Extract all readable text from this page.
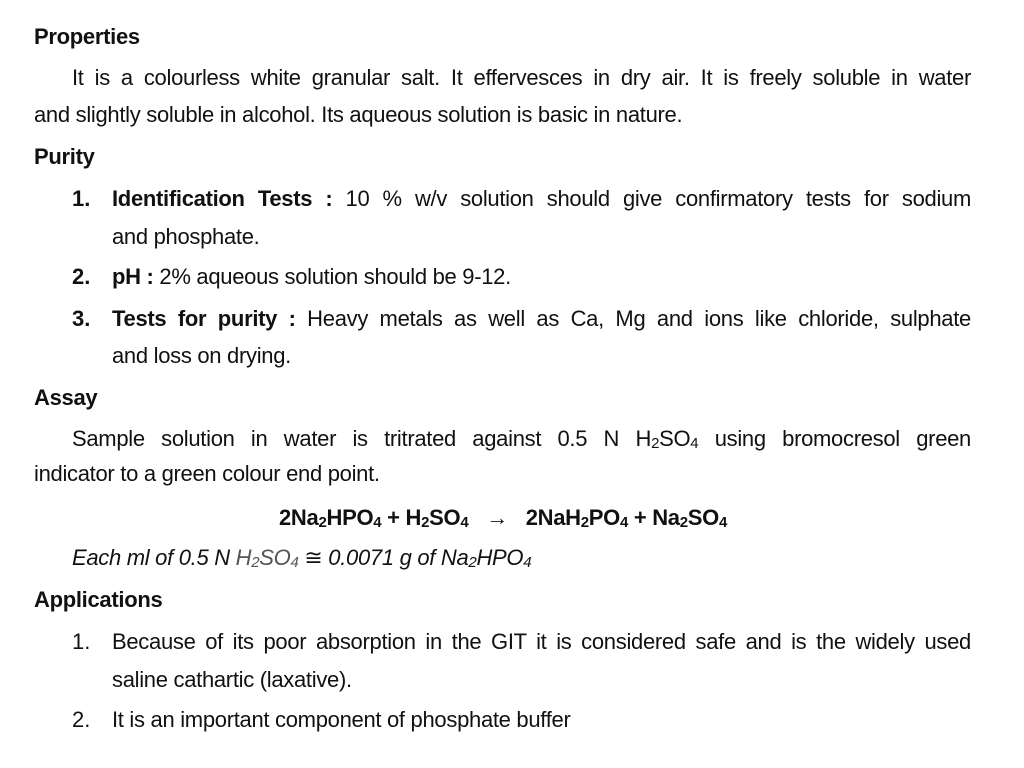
Properties
It is a colourless white granular salt. It effervesces in dry air. It is freely soluble in water
and slightly soluble in alcohol. Its aqueous solution is basic in nature.
Purity
1. Identification Tests : 10 % w/v solution should give confirmatory tests for sodium
and phosphate.
2. pH : 2% aqueous solution should be 9-12.
3. Tests for purity : Heavy metals as well as Ca, Mg and ions like chloride, sulphate
and loss on drying.
Assay
Sample solution in water is tritrated against 0.5 N $H_2SO_4$ using bromocresol green
indicator to a green colour end point.
$2Na_2HPO_4 + H_2SO_4 \to 2NaH_2PO_4 + Na_2SO_4$
Each ml of 0.5 N $H_2SO_4$ ≅ 0.0071 g of $Na_2HPO_4$
Applications
1. Because of its poor absorption in the GIT it is considered safe and is the widely used
saline cathartic (laxative).
2. It is an important component of phosphate buffer
